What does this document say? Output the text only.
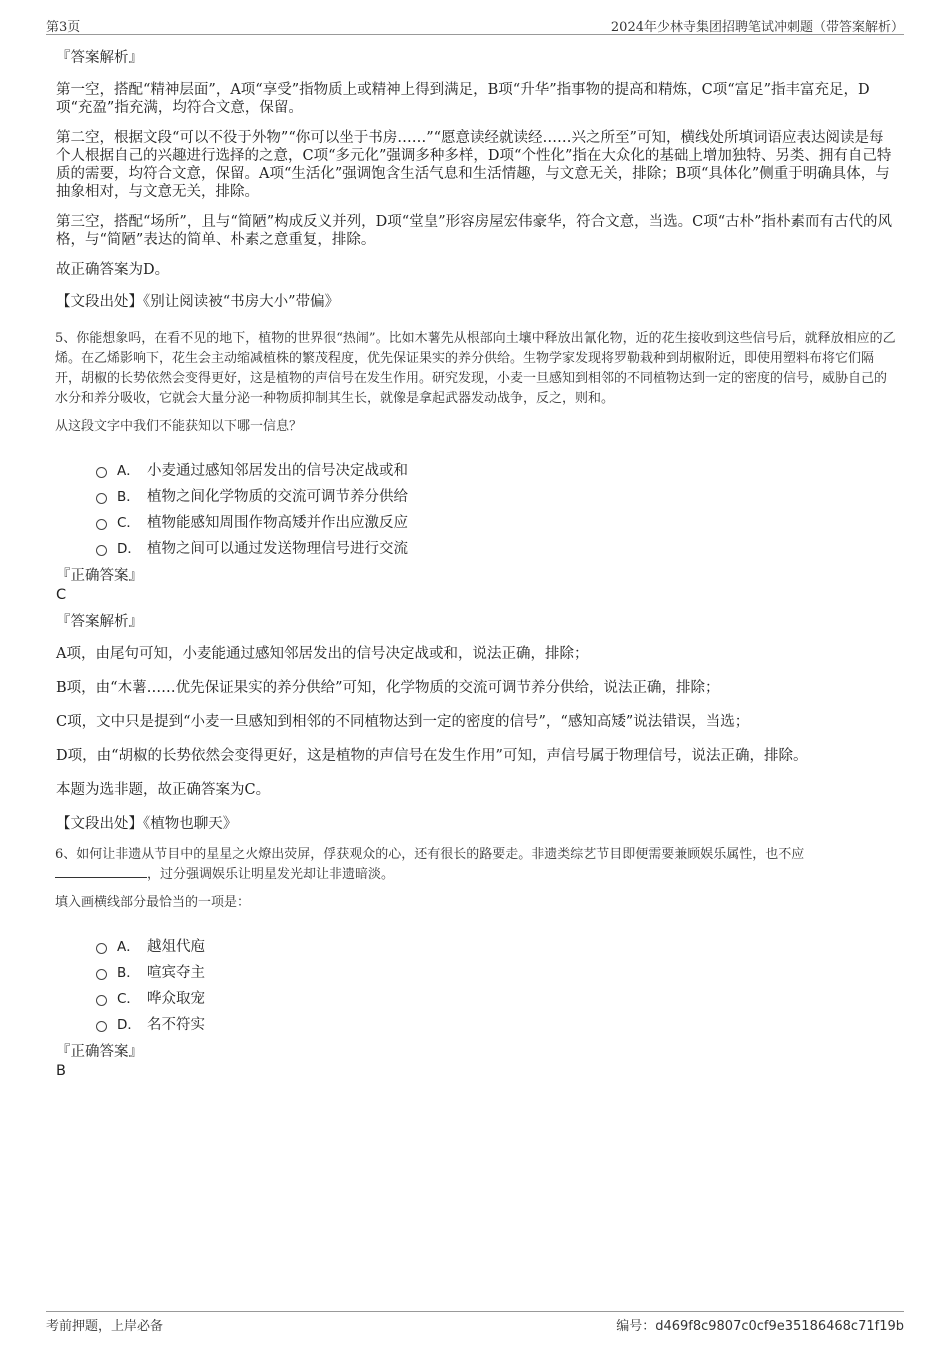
第3页	2024年少林寺集团招聘笔试冲刺题（带答案解析）

『答案解析』

第一空，搭配“精神层面”，A项“享受”指物质上或精神上得到满足，B项“升华”指事物的提高和精炼，C项“富足”指丰富充足，D项“充盈”指充满，均符合文意，保留。

第二空，根据文段“可以不役于外物”“你可以坐于书房……”“愿意读经就读经……兴之所至”可知，横线处所填词语应表达阅读是每个人根据自己的兴趣进行选择的之意，C项“多元化”强调多种多样，D项“个性化”指在大众化的基础上增加独特、另类、拥有自己特质的需要，均符合文意，保留。A项“生活化”强调饱含生活气息和生活情趣，与文意无关，排除；B项“具体化”侧重于明确具体，与抽象相对，与文意无关，排除。

第三空，搭配“场所”，且与“简陋”构成反义并列，D项“堂皇”形容房屋宏伟豪华，符合文意，当选。C项“古朴”指朴素而有古代的风格，与“简陋”表达的简单、朴素之意重复，排除。

故正确答案为D。

【文段出处】《别让阅读被“书房大小”带偏》

5、你能想象吗，在看不见的地下，植物的世界很“热闹”。比如木薯先从根部向土壤中释放出氰化物，近的花生接收到这些信号后，就释放相应的乙烯。在乙烯影响下，花生会主动缩减植株的繁茂程度，优先保证果实的养分供给。生物学家发现将罗勒栽种到胡椒附近，即使用塑料布将它们隔开，胡椒的长势依然会变得更好，这是植物的声信号在发生作用。研究发现，小麦一旦感知到相邻的不同植物达到一定的密度的信号，威胁自己的水分和养分吸收，它就会大量分泌一种物质抑制其生长，就像是拿起武器发动战争，反之，则和。

从这段文字中我们不能获知以下哪一信息？

A． 小麦通过感知邻居发出的信号决定战或和
B． 植物之间化学物质的交流可调节养分供给
C． 植物能感知周围作物高矮并作出应激反应
D． 植物之间可以通过发送物理信号进行交流

『正确答案』

C

『答案解析』

A项，由尾句可知，小麦能通过感知邻居发出的信号决定战或和，说法正确，排除；

B项，由“木薯……优先保证果实的养分供给”可知，化学物质的交流可调节养分供给，说法正确，排除；

C项，文中只是提到“小麦一旦感知到相邻的不同植物达到一定的密度的信号”，“感知高矮”说法错误，当选；

D项，由“胡椒的长势依然会变得更好，这是植物的声信号在发生作用”可知，声信号属于物理信号，说法正确，排除。

本题为选非题，故正确答案为C。

【文段出处】《植物也聊天》

6、如何让非遗从节目中的星星之火燎出荧屏，俘获观众的心，还有很长的路要走。非遗类综艺节目即便需要兼顾娱乐属性，也不应
，过分强调娱乐让明星发光却让非遗暗淡。

填入画横线部分最恰当的一项是：

A． 越俎代庖
B． 喧宾夺主
C． 哗众取宠
D． 名不符实

『正确答案』

B

考前押题，上岸必备	编号：d469f8c9807c0cf9e35186468c71f19b
